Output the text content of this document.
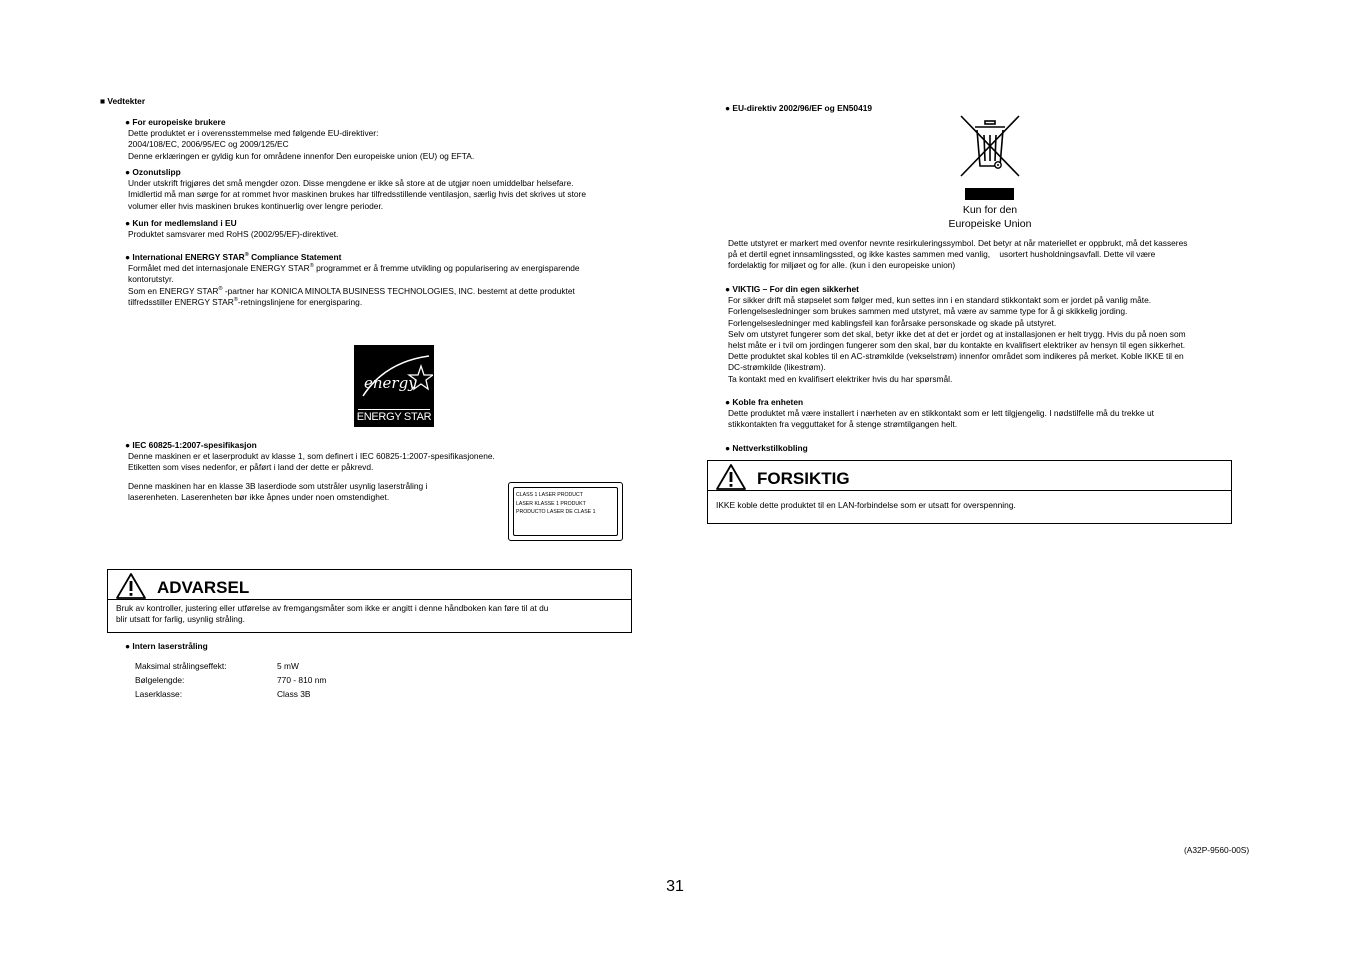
■ Vedtekter
● For europeiske brukere
Dette produktet er i overensstemmelse med følgende EU-direktiver:
2004/108/EC, 2006/95/EC og 2009/125/EC
Denne erklæringen er gyldig kun for områdene innenfor Den europeiske union (EU) og EFTA.
● Ozonutslipp
Under utskrift frigjøres det små mengder ozon. Disse mengdene er ikke så store at de utgjør noen umiddelbar helsefare.
Imidlertid må man sørge for at rommet hvor maskinen brukes har tilfredsstillende ventilasjon, særlig hvis det skrives ut store
volumer eller hvis maskinen brukes kontinuerlig over lengre perioder.
● Kun for medlemsland i EU
Produktet samsvarer med RoHS (2002/95/EF)-direktivet.
● International ENERGY STAR® Compliance Statement
Formålet med det internasjonale ENERGY STAR® programmet er å fremme utvikling og popularisering av energisparende
kontorutstyr.
Som en ENERGY STAR® -partner har KONICA MINOLTA BUSINESS TECHNOLOGIES, INC. bestemt at dette produktet
tilfredsstiller ENERGY STAR®-retningslinjene for energisparing.
energy
ENERGY STAR
● IEC 60825-1:2007-spesifikasjon
Denne maskinen er et laserprodukt av klasse 1, som definert i IEC 60825-1:2007-spesifikasjonene.
Etiketten som vises nedenfor, er påført i land der dette er påkrevd.
Denne maskinen har en klasse 3B laserdiode som utstråler usynlig laserstråling i
laserenheten. Laserenheten bør ikke åpnes under noen omstendighet.	CLASS 1 LASER PRODUCT
LASER KLASSE 1 PRODUKT
PRODUCTO LASER DE CLASE 1
ADVARSEL
Bruk av kontroller, justering eller utførelse av fremgangsmåter som ikke er angitt i denne håndboken kan føre til at du
blir utsatt for farlig, usynlig stråling.
● Intern laserstråling
Maksimal strålingseffekt:	5 mW
Bølgelengde:	770 - 810 nm
Laserklasse:	Class 3B
● EU-direktiv 2002/96/EF og EN50419
Kun for den
Europeiske Union
Dette utstyret er markert med ovenfor nevnte resirkuleringssymbol. Det betyr at når materiellet er oppbrukt, må det kasseres
på et dertil egnet innsamlingssted, og ikke kastes sammen med vanlig,    usortert husholdningsavfall. Dette vil være
fordelaktig for miljøet og for alle. (kun i den europeiske union)
● VIKTIG – For din egen sikkerhet
For sikker drift må støpselet som følger med, kun settes inn i en standard stikkontakt som er jordet på vanlig måte.
Forlengelsesledninger som brukes sammen med utstyret, må være av samme type for å gi skikkelig jording.
Forlengelsesledninger med kablingsfeil kan forårsake personskade og skade på utstyret.
Selv om utstyret fungerer som det skal, betyr ikke det at det er jordet og at installasjonen er helt trygg. Hvis du på noen som
helst måte er i tvil om jordingen fungerer som den skal, bør du kontakte en kvalifisert elektriker av hensyn til egen sikkerhet.
Dette produktet skal kobles til en AC-strømkilde (vekselstrøm) innenfor området som indikeres på merket. Koble IKKE til en
DC-strømkilde (likestrøm).
Ta kontakt med en kvalifisert elektriker hvis du har spørsmål.
● Koble fra enheten
Dette produktet må være installert i nærheten av en stikkontakt som er lett tilgjengelig. I nødstilfelle må du trekke ut
stikkontakten fra vegguttaket for å stenge strømtilgangen helt.
● Nettverkstilkobling
FORSIKTIG
IKKE koble dette produktet til en LAN-forbindelse som er utsatt for overspenning.
(A32P-9560-00S)
31
